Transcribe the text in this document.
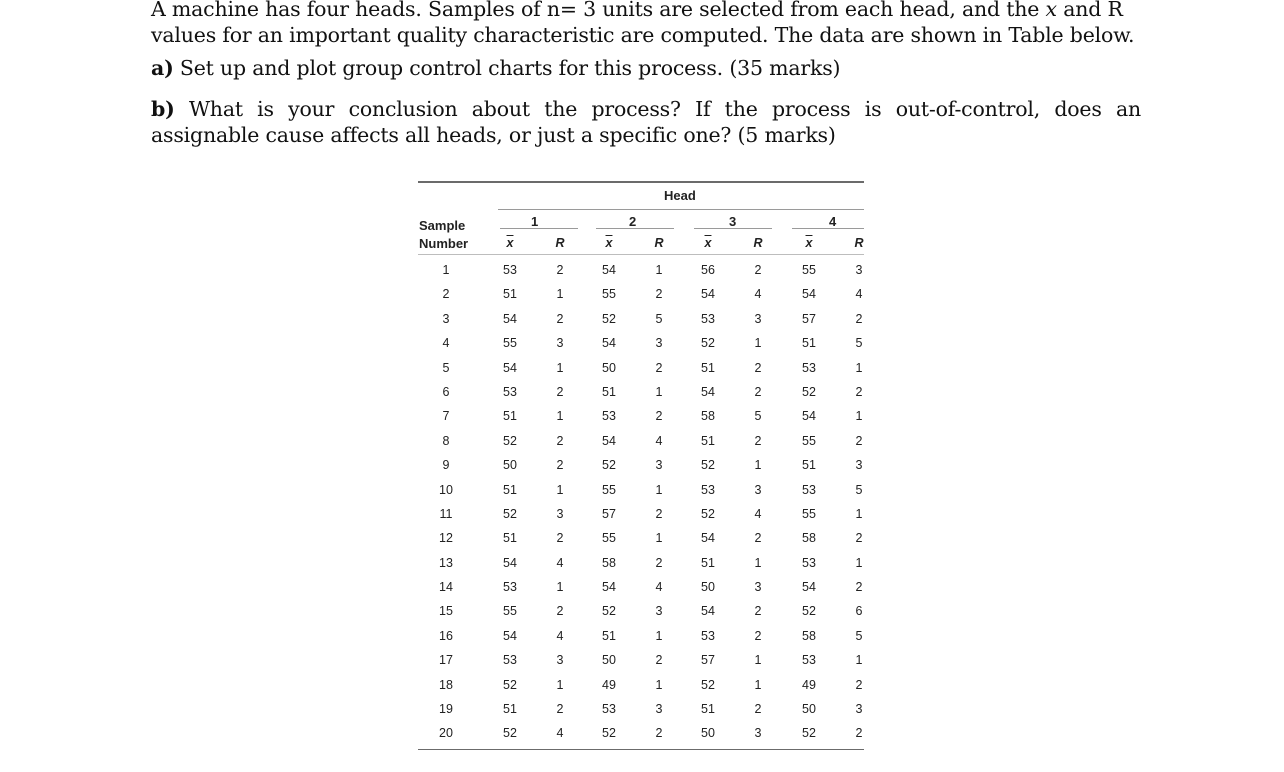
A machine has four heads. Samples of n= 3 units are selected from each head, and the $\overline{x}$ and R values for an important quality characteristic are computed. The data are shown in Table below.

a) Set up and plot group control charts for this process. (35 marks)

b) What is your conclusion about the process? If the process is out-of-control, does an assignable cause affects all heads, or just a specific one? (5 marks)

Head
Sample
Number
1	2	3	4
$\overline{x}$	R	$\overline{x}$	R	$\overline{x}$	R	$\overline{x}$	R
1	53	2	54	1	56	2	55	3
2	51	1	55	2	54	4	54	4
3	54	2	52	5	53	3	57	2
4	55	3	54	3	52	1	51	5
5	54	1	50	2	51	2	53	1
6	53	2	51	1	54	2	52	2
7	51	1	53	2	58	5	54	1
8	52	2	54	4	51	2	55	2
9	50	2	52	3	52	1	51	3
10	51	1	55	1	53	3	53	5
11	52	3	57	2	52	4	55	1
12	51	2	55	1	54	2	58	2
13	54	4	58	2	51	1	53	1
14	53	1	54	4	50	3	54	2
15	55	2	52	3	54	2	52	6
16	54	4	51	1	53	2	58	5
17	53	3	50	2	57	1	53	1
18	52	1	49	1	52	1	49	2
19	51	2	53	3	51	2	50	3
20	52	4	52	2	50	3	52	2
